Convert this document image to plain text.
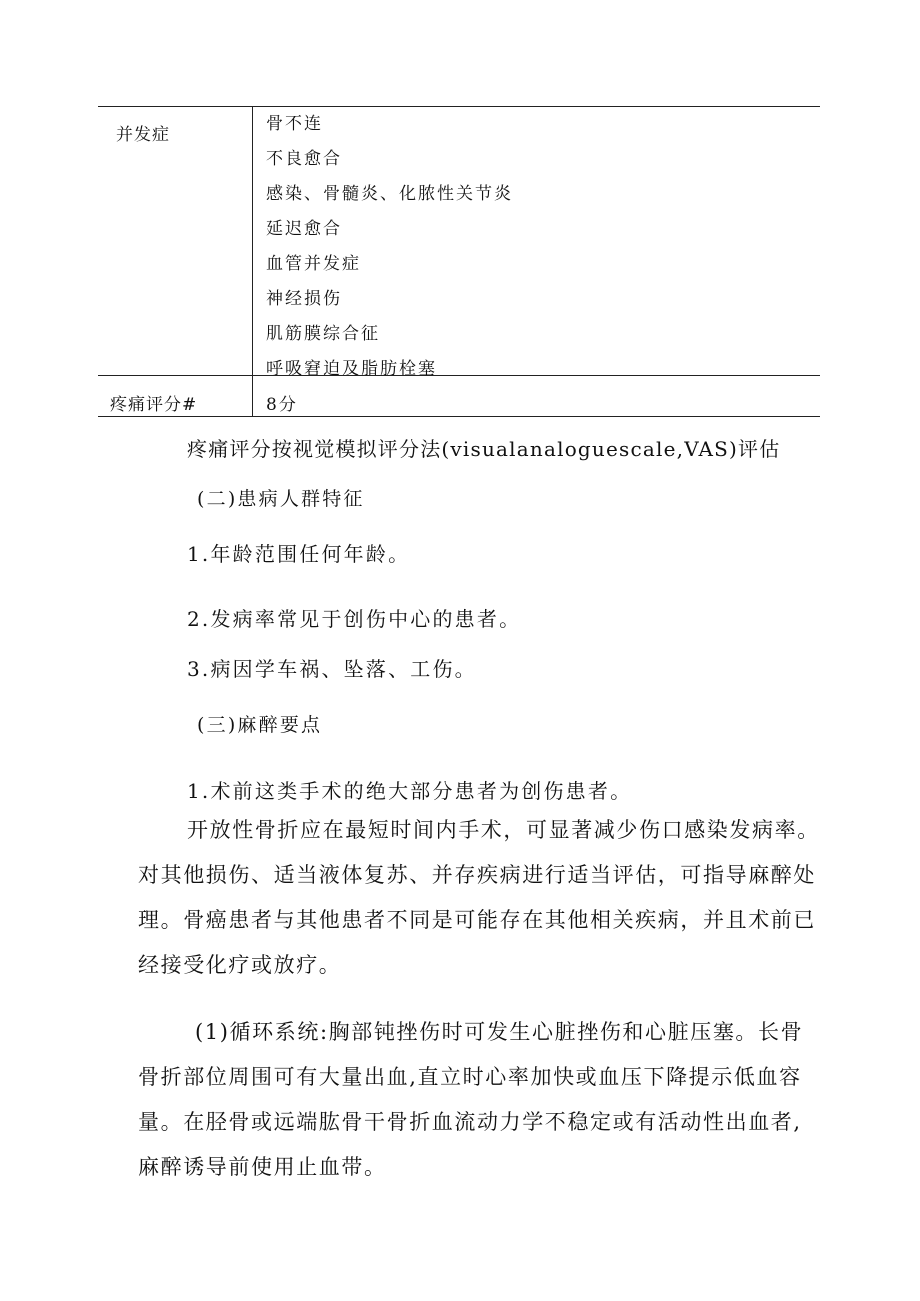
并发症
骨不连
不良愈合
感染、骨髓炎、化脓性关节炎
延迟愈合
血管并发症
神经损伤
肌筋膜综合征
呼吸窘迫及脂肪栓塞
疼痛评分#	8分
疼痛评分按视觉模拟评分法(visualanaloguescale,VAS)评估
(二)患病人群特征
1.年龄范围任何年龄。
2.发病率常见于创伤中心的患者。
3.病因学车祸、坠落、工伤。
(三)麻醉要点
1.术前这类手术的绝大部分患者为创伤患者。
开放性骨折应在最短时间内手术，可显著减少伤口感染发病率。
对其他损伤、适当液体复苏、并存疾病进行适当评估，可指导麻醉处
理。骨癌患者与其他患者不同是可能存在其他相关疾病，并且术前已
经接受化疗或放疗。
(1)循环系统:胸部钝挫伤时可发生心脏挫伤和心脏压塞。长骨
骨折部位周围可有大量出血,直立时心率加快或血压下降提示低血容
量。在胫骨或远端肱骨干骨折血流动力学不稳定或有活动性出血者,
麻醉诱导前使用止血带。
